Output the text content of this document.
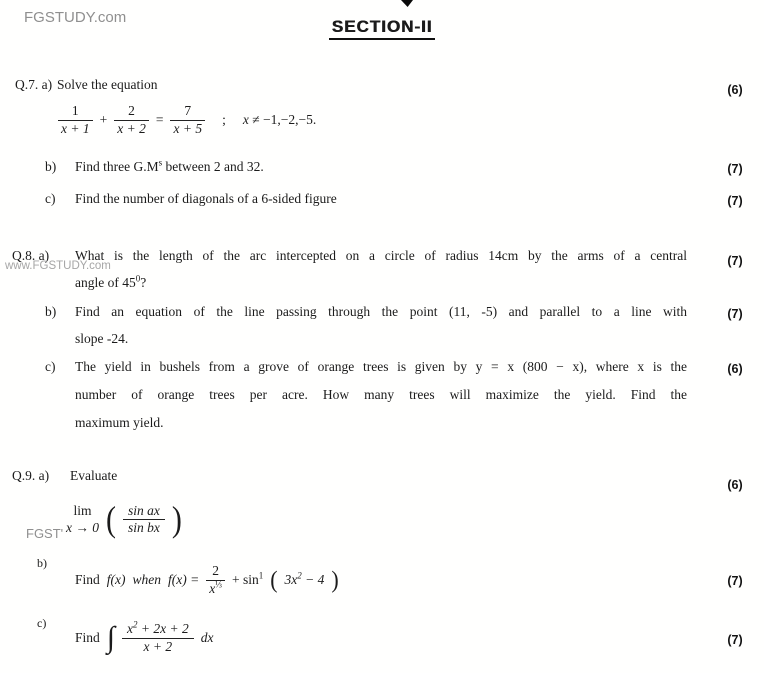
FGSTUDY.com	SECTION-II
Q.7. a) Solve the equation	(6)
$\frac{1}{x + 1} + \frac{2}{x + 2} = \frac{7}{x + 5}$ ; x ≠ −1,−2,−5.
b) Find three $G.M^s$ between 2 and 32.	(7)
c) Find the number of diagonals of a 6-sided figure	(7)
Q.8. a)
www.FGSTUDY.com
What is the length of the arc intercepted on a circle of radius 14cm by the arms of a central
angle of $45^0$?
(7)
b) Find an equation of the line passing through the point (11, -5) and parallel to a line with
slope -24.
(7)
c) The yield in bushels from a grove of orange trees is given by y = x (800 − x), where x is the
number of orange trees per acre. How many trees will maximize the yield. Find the
maximum yield.
(6)
Q.9. a) Evaluate
(6)
FGST'
lim
x → 0 ( $\frac{\text{sin ax}}{\text{sin bx}}$ )
b)
Find f(x) when $f(x) = \frac{2}{x^{\frac{1}{3}}} + \sin^1$ ( $3x^2 - 4$ )	(7)
c)
Find ∫ $\frac{x^2 + 2x + 2}{x + 2}$ dx	(7)
